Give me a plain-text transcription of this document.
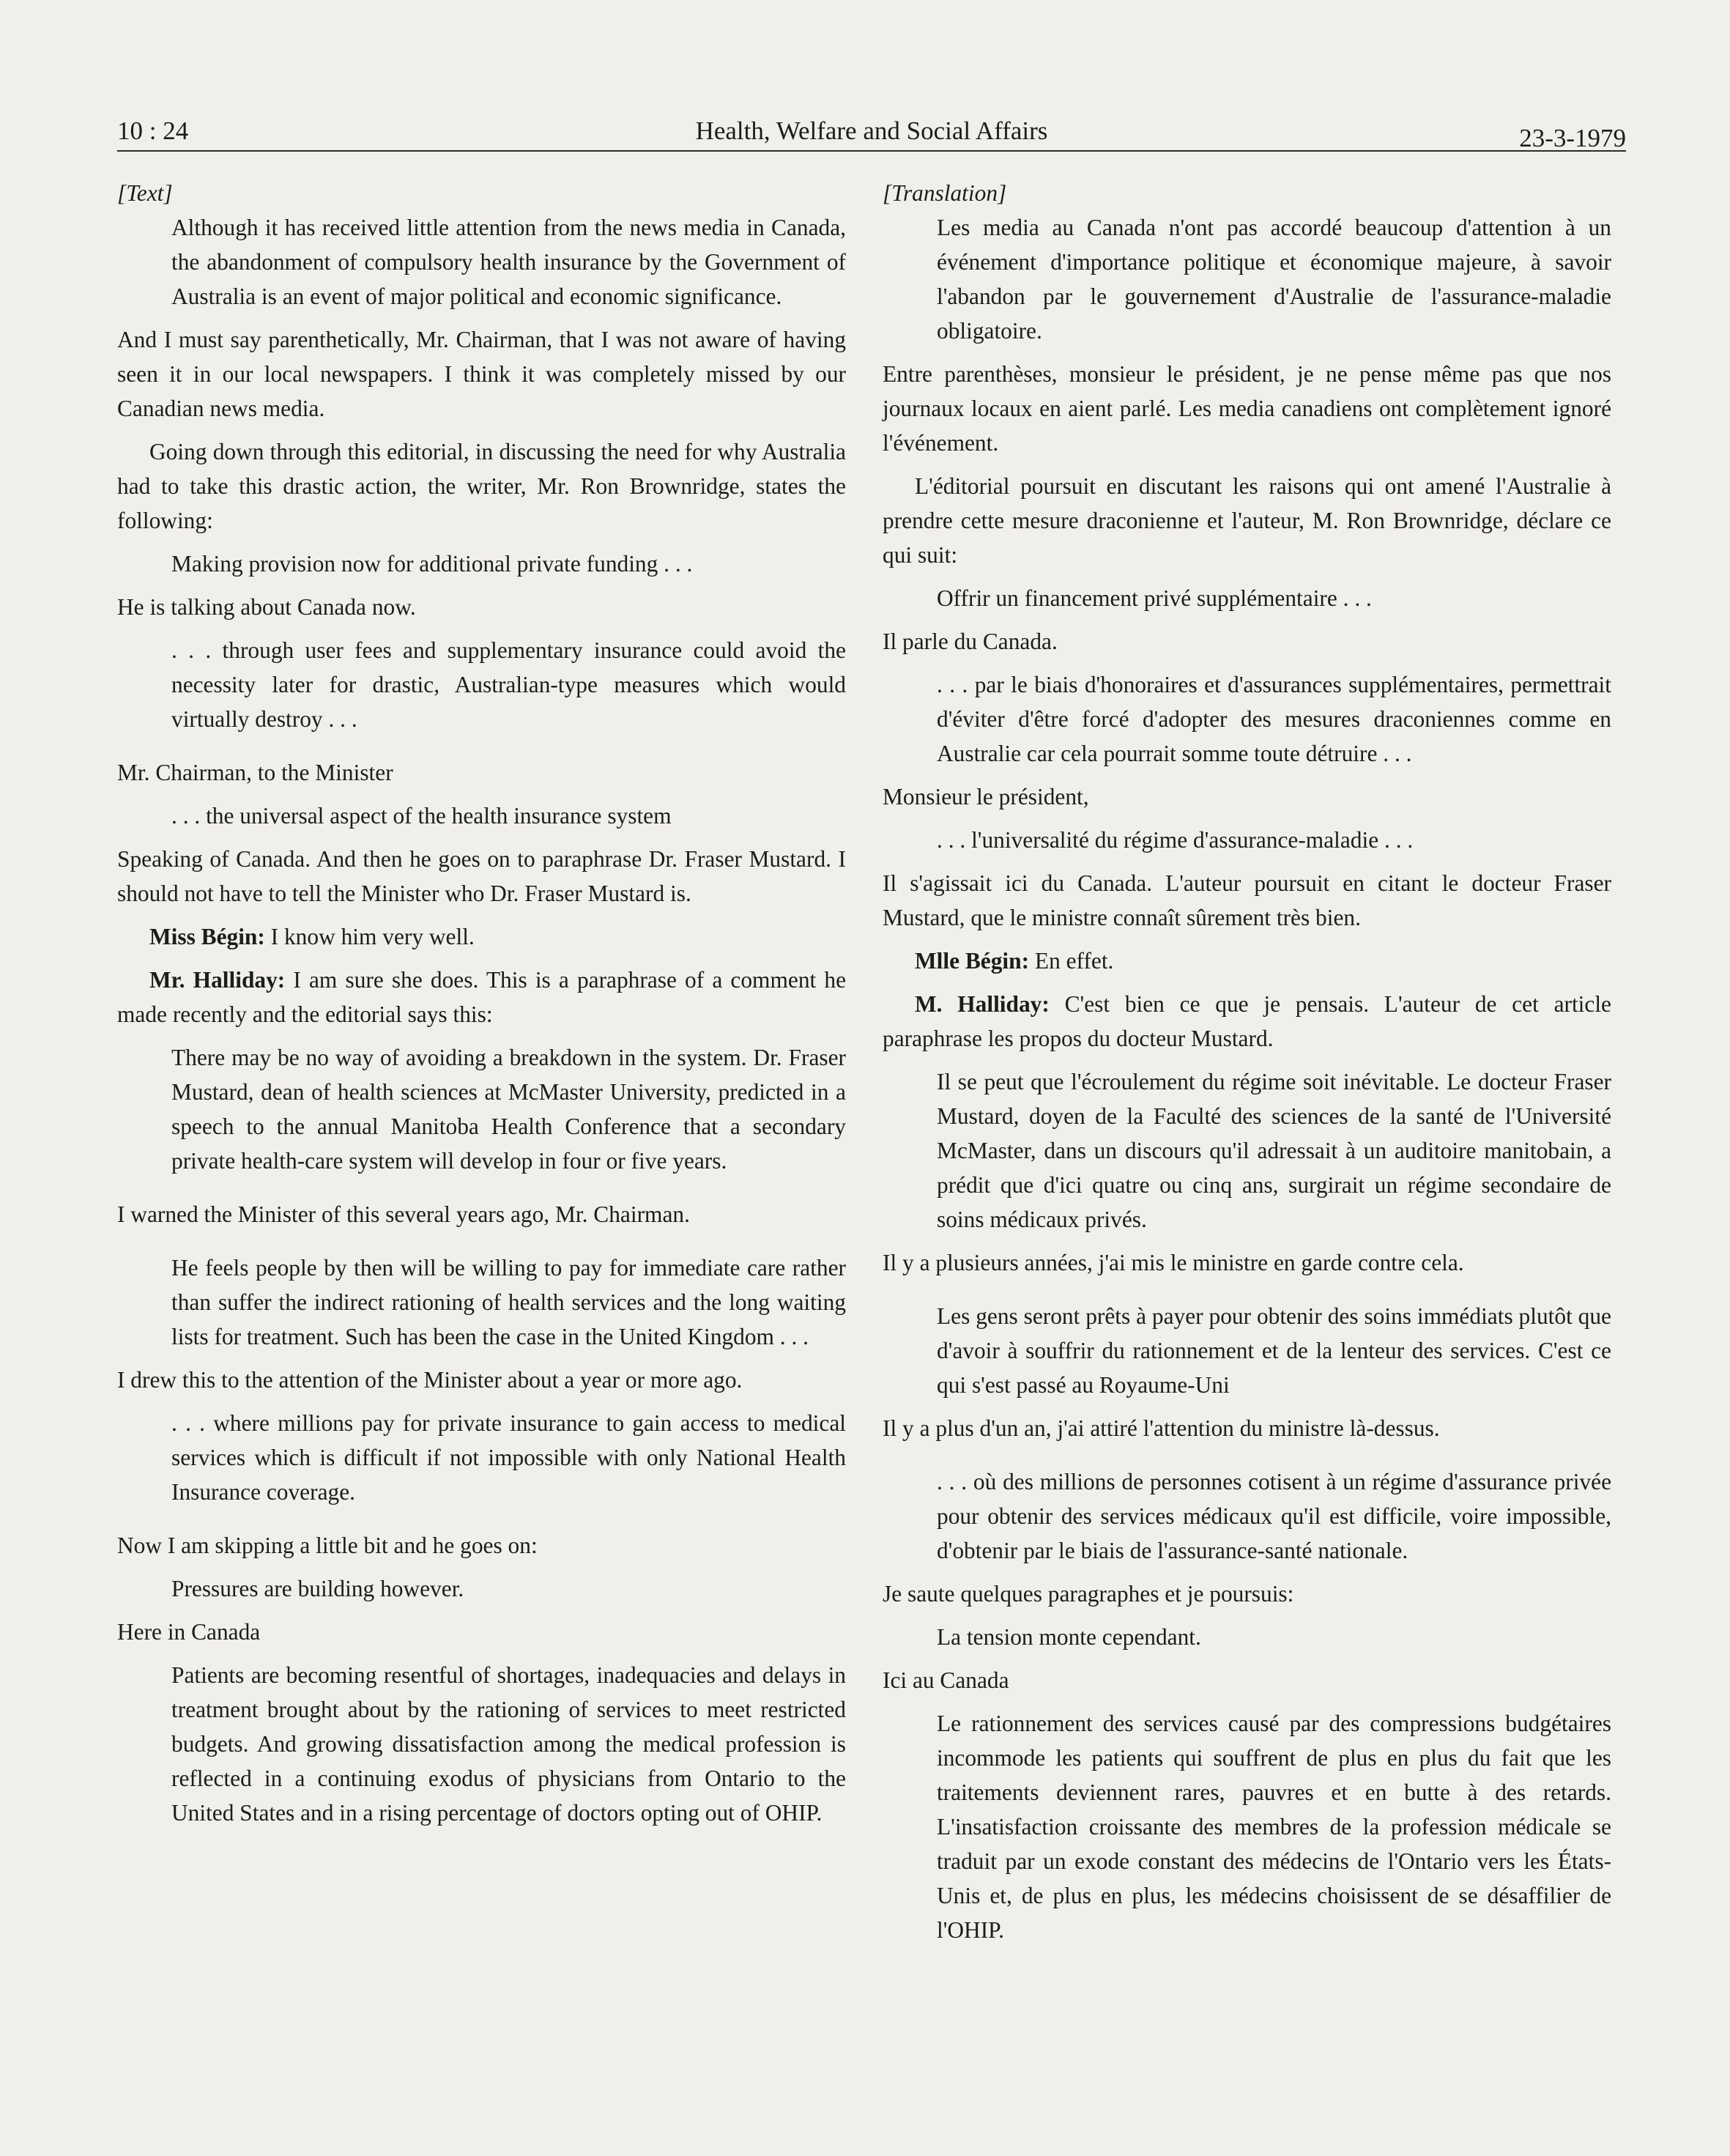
10 : 24	Health, Welfare and Social Affairs	23-3-1979

[Text]

Although it has received little attention from the news media in Canada, the abandonment of compulsory health insurance by the Government of Australia is an event of major political and economic significance.

And I must say parenthetically, Mr. Chairman, that I was not aware of having seen it in our local newspapers. I think it was completely missed by our Canadian news media.

Going down through this editorial, in discussing the need for why Australia had to take this drastic action, the writer, Mr. Ron Brownridge, states the following:

Making provision now for additional private funding . . .

He is talking about Canada now.

. . . through user fees and supplementary insurance could avoid the necessity later for drastic, Australian-type measures which would virtually destroy . . .

Mr. Chairman, to the Minister

. . . the universal aspect of the health insurance system

Speaking of Canada. And then he goes on to paraphrase Dr. Fraser Mustard. I should not have to tell the Minister who Dr. Fraser Mustard is.

Miss Bégin: I know him very well.

Mr. Halliday: I am sure she does. This is a paraphrase of a comment he made recently and the editorial says this:

There may be no way of avoiding a breakdown in the system. Dr. Fraser Mustard, dean of health sciences at McMaster University, predicted in a speech to the annual Manitoba Health Conference that a secondary private health-care system will develop in four or five years.

I warned the Minister of this several years ago, Mr. Chairman.

He feels people by then will be willing to pay for immediate care rather than suffer the indirect rationing of health services and the long waiting lists for treatment. Such has been the case in the United Kingdom . . .

I drew this to the attention of the Minister about a year or more ago.

. . . where millions pay for private insurance to gain access to medical services which is difficult if not impossible with only National Health Insurance coverage.

Now I am skipping a little bit and he goes on:

Pressures are building however.

Here in Canada

Patients are becoming resentful of shortages, inadequacies and delays in treatment brought about by the rationing of services to meet restricted budgets. And growing dissatisfaction among the medical profession is reflected in a continuing exodus of physicians from Ontario to the United States and in a rising percentage of doctors opting out of OHIP.

[Translation]

Les media au Canada n'ont pas accordé beaucoup d'attention à un événement d'importance politique et économique majeure, à savoir l'abandon par le gouvernement d'Australie de l'assurance-maladie obligatoire.

Entre parenthèses, monsieur le président, je ne pense même pas que nos journaux locaux en aient parlé. Les media canadiens ont complètement ignoré l'événement.

L'éditorial poursuit en discutant les raisons qui ont amené l'Australie à prendre cette mesure draconienne et l'auteur, M. Ron Brownridge, déclare ce qui suit:

Offrir un financement privé supplémentaire . . .

Il parle du Canada.

. . . par le biais d'honoraires et d'assurances supplémentaires, permettrait d'éviter d'être forcé d'adopter des mesures draconiennes comme en Australie car cela pourrait somme toute détruire . . .

Monsieur le président,

. . . l'universalité du régime d'assurance-maladie . . .

Il s'agissait ici du Canada. L'auteur poursuit en citant le docteur Fraser Mustard, que le ministre connaît sûrement très bien.

Mlle Bégin: En effet.

M. Halliday: C'est bien ce que je pensais. L'auteur de cet article paraphrase les propos du docteur Mustard.

Il se peut que l'écroulement du régime soit inévitable. Le docteur Fraser Mustard, doyen de la Faculté des sciences de la santé de l'Université McMaster, dans un discours qu'il adressait à un auditoire manitobain, a prédit que d'ici quatre ou cinq ans, surgirait un régime secondaire de soins médicaux privés.

Il y a plusieurs années, j'ai mis le ministre en garde contre cela.

Les gens seront prêts à payer pour obtenir des soins immédiats plutôt que d'avoir à souffrir du rationnement et de la lenteur des services. C'est ce qui s'est passé au Royaume-Uni

Il y a plus d'un an, j'ai attiré l'attention du ministre là-dessus.

. . . où des millions de personnes cotisent à un régime d'assurance privée pour obtenir des services médicaux qu'il est difficile, voire impossible, d'obtenir par le biais de l'assurance-santé nationale.

Je saute quelques paragraphes et je poursuis:

La tension monte cependant.

Ici au Canada

Le rationnement des services causé par des compressions budgétaires incommode les patients qui souffrent de plus en plus du fait que les traitements deviennent rares, pauvres et en butte à des retards. L'insatisfaction croissante des membres de la profession médicale se traduit par un exode constant des médecins de l'Ontario vers les États-Unis et, de plus en plus, les médecins choisissent de se désaffilier de l'OHIP.
